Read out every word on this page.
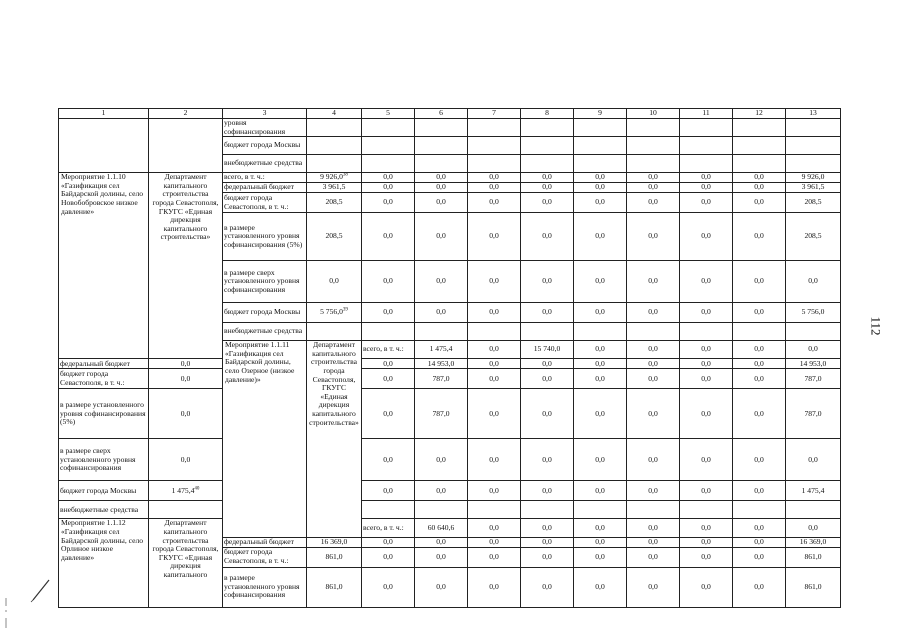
1	2	3	4	5	6	7	8	9	10	11	12	13	
		уровня софинансирования											
		бюджет города Москвы											
		внебюджетные средства											
Мероприятие 1.1.10 «Газификация сел Байдарской долины, село Новобобровское низкое давление»	Департамент капитального строительства города Севастополя, ГКУГС «Единая дирекция капитального строительства»	всего, в т. ч.:	9 926,0$^{38}$	0,0	0,0	0,0	0,0	0,0	0,0	0,0	0,0	9 926,0	
		федеральный бюджет	3 961,5	0,0	0,0	0,0	0,0	0,0	0,0	0,0	0,0	3 961,5	
		бюджет города Севастополя, в т. ч.:	208,5	0,0	0,0	0,0	0,0	0,0	0,0	0,0	0,0	208,5	
		в размере установленного уровня софинансирования (5%)	208,5	0,0	0,0	0,0	0,0	0,0	0,0	0,0	0,0	208,5	
		в размере сверх установленного уровня софинансирования	0,0	0,0	0,0	0,0	0,0	0,0	0,0	0,0	0,0	0,0	
		бюджет города Москвы	5 756,0$^{39}$	0,0	0,0	0,0	0,0	0,0	0,0	0,0	0,0	5 756,0	
		внебюджетные средства											
		Мероприятие 1.1.11 «Газификация сел Байдарской долины, село Озерное (низкое давление)»	Департамент капитального строительства города Севастополя, ГКУГС «Единая дирекция капитального строительства»	всего, в т. ч.:	1 475,4	0,0	15 740,0	0,0	0,0	0,0	0,0	0,0		
федеральный бюджет	0,0			0,0	14 953,0	0,0	0,0	0,0	0,0	0,0	0,0	14 953,0	
бюджет города Севастополя, в т. ч.:	0,0			0,0	787,0	0,0	0,0	0,0	0,0	0,0	0,0	787,0	
в размере установленного уровня софинансирования (5%)	0,0			0,0	787,0	0,0	0,0	0,0	0,0	0,0	0,0	787,0	
в размере сверх установленного уровня софинансирования	0,0			0,0	0,0	0,0	0,0	0,0	0,0	0,0	0,0	0,0	
бюджет города Москвы	1 475,4$^{40}$			0,0	0,0	0,0	0,0	0,0	0,0	0,0	0,0	1 475,4	
внебюджетные средства													
Мероприятие 1.1.12 «Газификация сел Байдарской долины, село Орлиное низкое давление»	Департамент капитального строительства города Севастополя, ГКУГС «Единая дирекция капитального			всего, в т. ч.:	60 640,6	0,0	0,0	0,0	0,0	0,0	0,0	0,0		
		федеральный бюджет	16 369,0	0,0	0,0	0,0	0,0	0,0	0,0	0,0	0,0	16 369,0	
		бюджет города Севастополя, в т. ч.:	861,0	0,0	0,0	0,0	0,0	0,0	0,0	0,0	0,0	861,0	
		в размере установленного уровня софинансирования	861,0	0,0	0,0	0,0	0,0	0,0	0,0	0,0	0,0	861,0	
112
